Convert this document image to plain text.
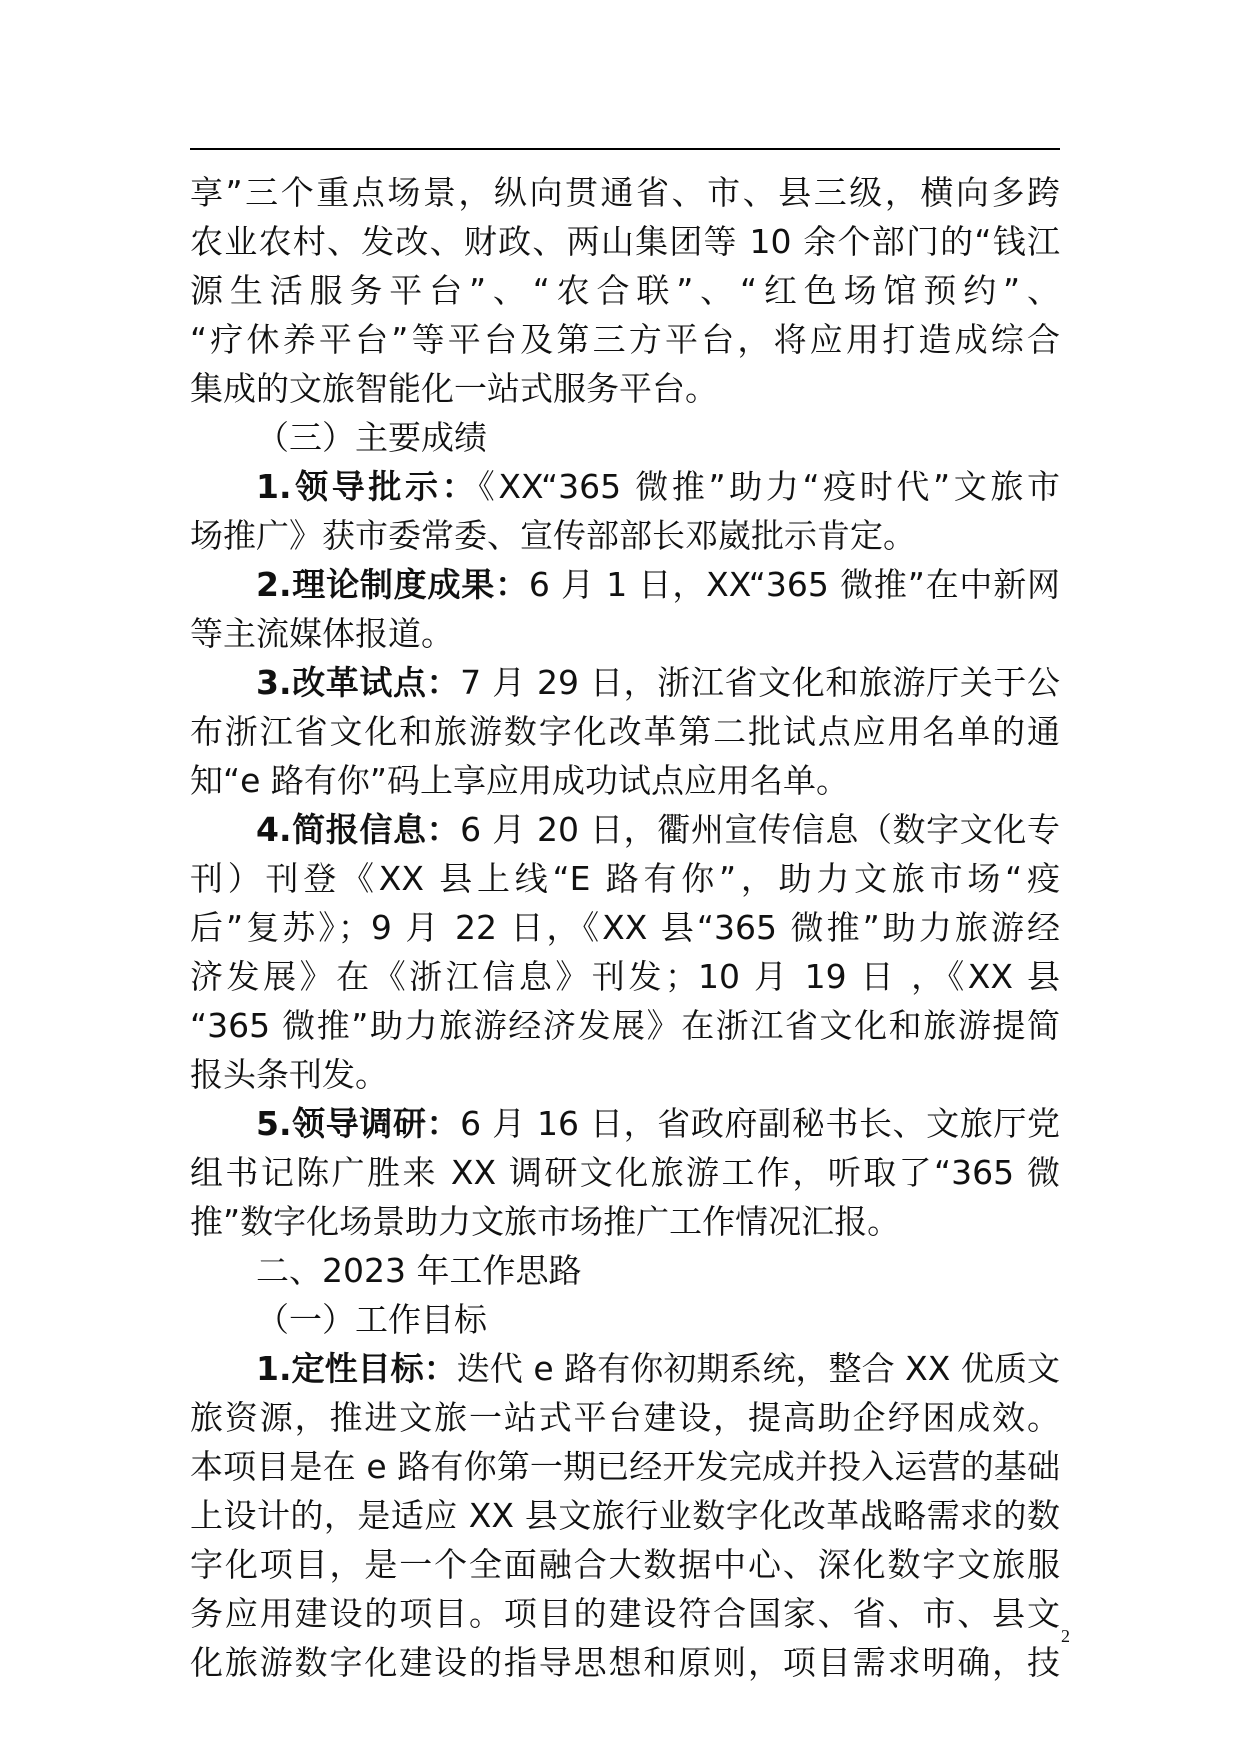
享”三个重点场景，纵向贯通省、市、县三级，横向多跨
农业农村、发改、财政、两山集团等 10 余个部门的“钱江
源生活服务平台”、“农合联”、“红色场馆预约”、
“疗休养平台”等平台及第三方平台，将应用打造成综合
集成的文旅智能化一站式服务平台。
（三）主要成绩
1.领导批示：《XX“365 微推”助力“疫时代”文旅市
场推广》获市委常委、宣传部部长邓崴批示肯定。
2.理论制度成果：6 月 1 日，XX“365 微推”在中新网
等主流媒体报道。
3.改革试点：7 月 29 日，浙江省文化和旅游厅关于公
布浙江省文化和旅游数字化改革第二批试点应用名单的通
知“e 路有你”码上享应用成功试点应用名单。
4.简报信息：6 月 20 日，衢州宣传信息（数字文化专
刊）刊登《XX 县上线“E 路有你”，助力文旅市场“疫
后”复苏》；9 月 22 日，《XX 县“365 微推”助力旅游经
济发展》在《浙江信息》刊发；10 月 19 日 ，《XX 县
“365 微推”助力旅游经济发展》在浙江省文化和旅游提简
报头条刊发。
5.领导调研：6 月 16 日，省政府副秘书长、文旅厅党
组书记陈广胜来 XX 调研文化旅游工作，听取了“365 微
推”数字化场景助力文旅市场推广工作情况汇报。
二、2023 年工作思路
（一）工作目标
1.定性目标：迭代 e 路有你初期系统，整合 XX 优质文
旅资源，推进文旅一站式平台建设，提高助企纾困成效。
本项目是在 e 路有你第一期已经开发完成并投入运营的基础
上设计的，是适应 XX 县文旅行业数字化改革战略需求的数
字化项目，是一个全面融合大数据中心、深化数字文旅服
务应用建设的项目。项目的建设符合国家、省、市、县文
化旅游数字化建设的指导思想和原则，项目需求明确，技
2
